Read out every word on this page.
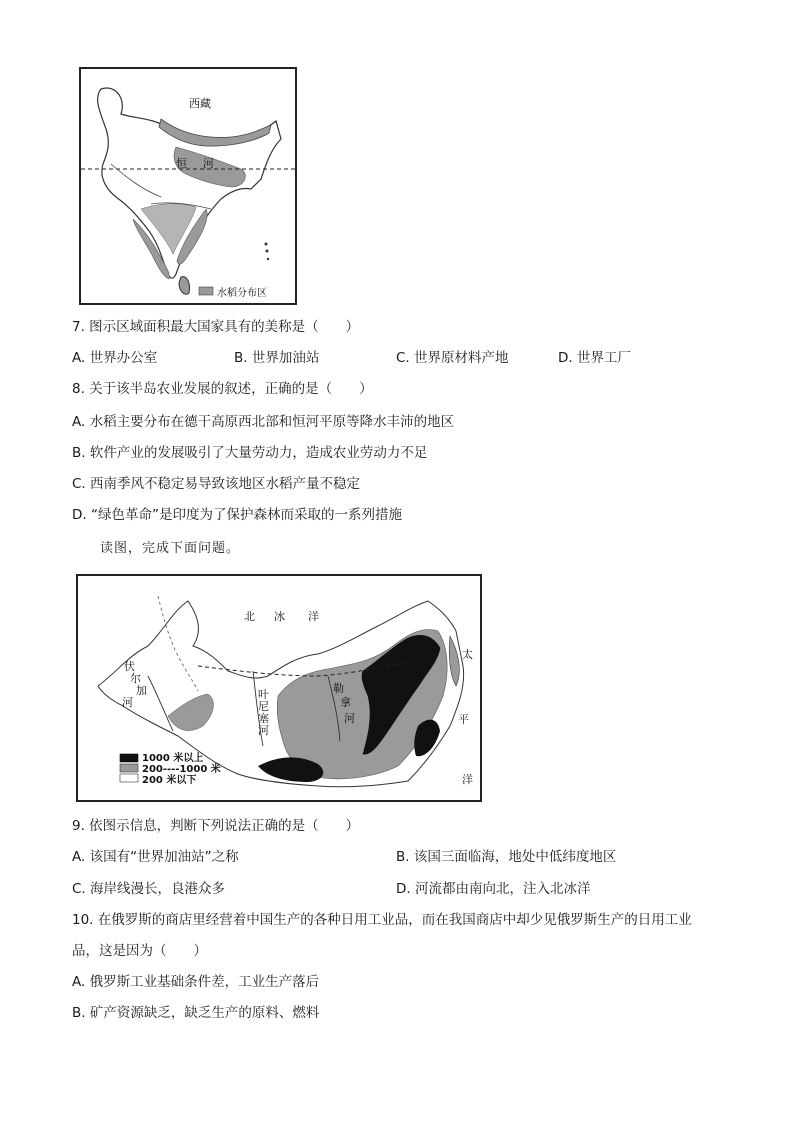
西藏
恒 河
水稻分布区
7. 图示区域面积最大国家具有的美称是（　　）
A. 世界办公室	B. 世界加油站	C. 世界原材料产地	D. 世界工厂
8. 关于该半岛农业发展的叙述，正确的是（　　）
A. 水稻主要分布在德干高原西北部和恒河平原等降水丰沛的地区
B. 软件产业的发展吸引了大量劳动力，造成农业劳动力不足
C. 西南季风不稳定易导致该地区水稻产量不稳定
D. “绿色革命”是印度为了保护森林而采取的一系列措施
读图，完成下面问题。
北 冰 洋
太
平
洋
伏
尔
加
河
叶
尼
塞
河
勒
拿
河
1000 米以上
200----1000 米
200 米以下
9. 依图示信息，判断下列说法正确的是（　　）
A. 该国有“世界加油站”之称	B. 该国三面临海，地处中低纬度地区
C. 海岸线漫长，良港众多	D. 河流都由南向北，注入北冰洋
10. 在俄罗斯的商店里经营着中国生产的各种日用工业品，而在我国商店中却少见俄罗斯生产的日用工业
品，这是因为（　　）
A. 俄罗斯工业基础条件差，工业生产落后
B. 矿产资源缺乏，缺乏生产的原料、燃料
